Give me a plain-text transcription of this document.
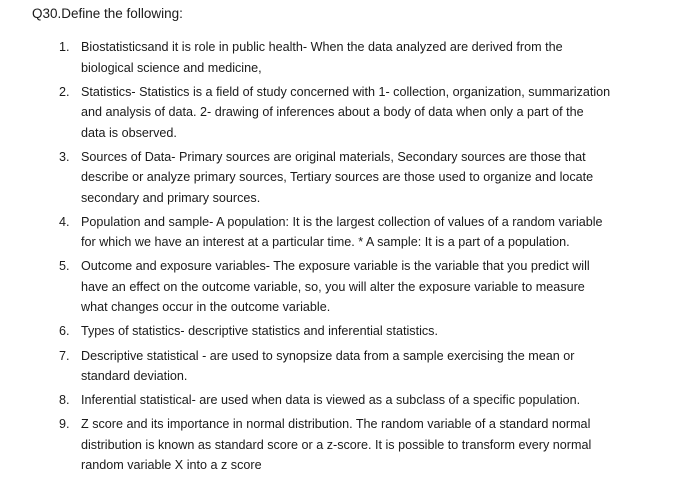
Q30.Define the following:
1. Biostatisticsand it is role in public health- When the data analyzed are derived from the
biological science and medicine,
2. Statistics- Statistics is a field of study concerned with 1- collection, organization, summarization
and analysis of data. 2- drawing of inferences about a body of data when only a part of the
data is observed.
3. Sources of Data- Primary sources are original materials, Secondary sources are those that
describe or analyze primary sources, Tertiary sources are those used to organize and locate
secondary and primary sources.
4. Population and sample- A population: It is the largest collection of values of a random variable
for which we have an interest at a particular time. * A sample: It is a part of a population.
5. Outcome and exposure variables- The exposure variable is the variable that you predict will
have an effect on the outcome variable, so, you will alter the exposure variable to measure
what changes occur in the outcome variable.
6. Types of statistics- descriptive statistics and inferential statistics.
7. Descriptive statistical - are used to synopsize data from a sample exercising the mean or
standard deviation.
8. Inferential statistical- are used when data is viewed as a subclass of a specific population.
9. Z score and its importance in normal distribution. The random variable of a standard normal
distribution is known as standard score or a z-score. It is possible to transform every normal
random variable X into a z score
